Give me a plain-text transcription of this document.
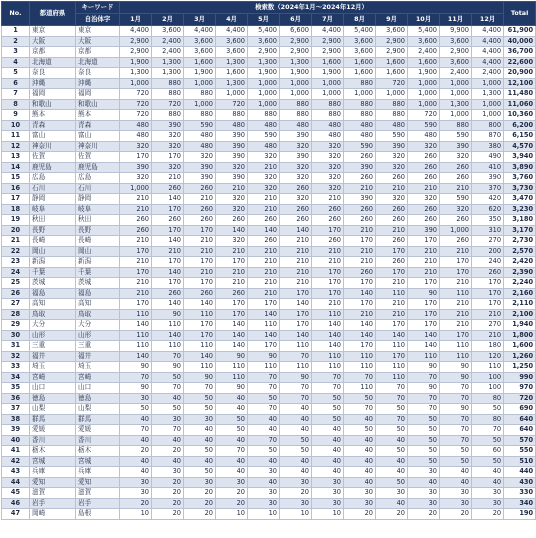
No.	都道府県	キーワード	検索数（2024年1月〜2024年12月）												Total
		自治体字	1月	2月	3月	4月	5月	6月	7月	8月	9月	10月	11月	12月	
1	東京	東京	4,400	3,600	4,400	4,400	5,400	6,600	4,400	5,400	3,600	5,400	9,900	4,400	61,900
2	大阪	大阪	2,900	2,400	3,600	3,600	3,600	2,900	2,900	3,600	2,900	3,600	3,600	4,400	40,000
3	京都	京都	2,900	2,400	3,600	3,600	2,900	2,900	2,900	3,600	2,900	2,400	2,900	4,400	36,700
4	北海道	北海道	1,900	1,300	1,600	1,300	1,300	1,300	1,600	1,600	1,600	1,600	3,600	4,400	22,600
5	奈良	奈良	1,300	1,300	1,900	1,600	1,900	1,900	1,900	1,600	1,600	1,900	2,400	2,400	20,900
6	沖縄	沖縄	1,000	880	1,000	1,300	1,000	1,000	1,000	880	720	1,000	1,000	1,000	12,100
7	福岡	福岡	720	880	880	1,000	1,000	1,000	1,000	1,000	1,000	1,000	1,000	1,300	11,480
8	和歌山	和歌山	720	720	1,000	720	1,000	880	880	880	880	1,000	1,300	1,000	11,060
9	熊本	熊本	720	880	880	880	880	880	880	880	880	720	1,000	1,000	10,360
10	青森	青森	480	390	590	480	480	480	480	480	480	590	880	800	6,200
11	富山	富山	480	320	480	390	590	390	480	480	590	480	590	870	6,150
12	神奈川	神奈川	320	320	480	390	480	320	320	590	390	320	390	380	4,570
13	佐賀	佐賀	170	170	320	390	320	390	320	260	320	260	320	490	3,940
14	鹿児島	鹿児島	390	320	390	320	210	320	320	390	320	260	260	410	3,890
15	広島	広島	320	210	390	390	320	320	320	260	260	260	260	390	3,760
16	石川	石川	1,000	260	260	210	320	260	320	210	210	210	210	370	3,730
17	静岡	静岡	210	140	210	320	210	320	210	390	320	320	590	420	3,470
18	岐阜	岐阜	210	170	260	320	210	260	260	260	260	260	320	620	3,230
19	秋田	秋田	260	260	260	260	260	260	260	260	260	260	260	350	3,180
20	長野	長野	260	170	170	140	140	140	170	210	210	390	1,000	310	3,170
21	長崎	長崎	210	140	210	320	260	210	260	170	260	170	260	270	2,730
22	岡山	岡山	170	210	210	210	210	210	210	210	170	210	210	200	2,570
23	新潟	新潟	210	170	170	170	210	210	210	210	260	210	170	240	2,420
24	千葉	千葉	170	140	210	210	210	210	170	260	170	210	170	260	2,390
25	茨城	茨城	210	170	170	210	210	210	170	170	210	170	210	170	2,240
26	福島	福島	210	260	260	260	210	170	170	140	110	90	110	170	2,160
27	高知	高知	170	140	140	170	170	140	210	170	210	170	210	170	2,110
28	鳥取	鳥取	110	90	110	170	140	170	110	210	210	170	210	210	2,100
29	大分	大分	140	110	170	140	110	170	140	140	170	170	210	270	1,940
30	山形	山形	110	140	170	140	140	140	140	140	140	140	170	210	1,800
31	三重	三重	110	110	110	140	170	110	140	170	110	140	110	180	1,600
32	福井	福井	140	70	140	90	90	70	110	110	170	110	110	120	1,260
33	埼玉	埼玉	90	90	110	110	110	110	110	110	110	90	90	110	1,250
34	宮崎	宮崎	70	50	90	110	70	90	70	70	110	70	90	100	990
35	山口	山口	90	70	70	90	70	70	70	110	70	90	70	100	970
36	徳島	徳島	30	40	50	40	50	70	50	50	70	70	70	80	720
37	山梨	山梨	50	50	50	40	70	40	50	70	50	70	90	50	690
38	群馬	群馬	40	30	30	50	40	40	50	40	70	50	70	80	640
39	愛媛	愛媛	70	70	40	50	40	40	40	50	50	50	70	70	640
40	香川	香川	40	40	40	40	70	50	40	40	40	50	70	50	570
41	栃木	栃木	20	20	50	70	50	50	40	40	50	50	50	60	550
42	宮城	宮城	40	40	40	40	40	40	40	40	40	50	50	50	510
43	兵庫	兵庫	40	30	50	40	30	40	40	40	40	30	40	40	440
44	愛知	愛知	30	20	30	30	40	30	30	40	50	40	40	40	430
45	滋賀	滋賀	30	20	20	20	30	20	30	30	30	30	30	30	330
46	岩手	岩手	20	20	20	20	30	30	30	30	40	30	30	30	340
47	岡崎	島根	10	20	20	10	10	10	10	20	20	20	20	20	190
